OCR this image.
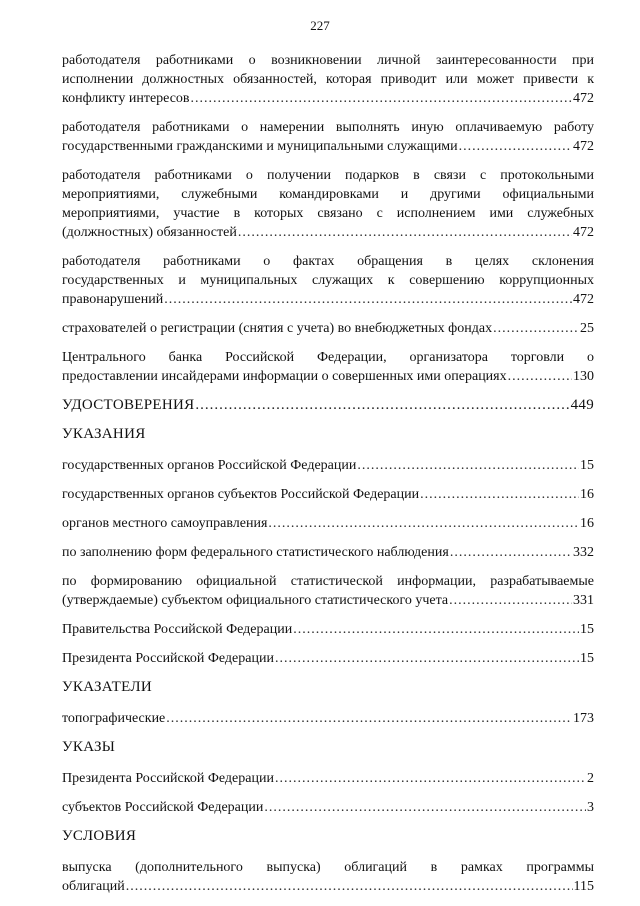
227
работодателя работниками о возникновении личной заинтересованности при
исполнении должностных обязанностей, которая приводит или может привести к
конфликту интересов .....	472
работодателя работниками о намерении выполнять иную оплачиваемую работу
государственными гражданскими и муниципальными служащими .....	472
работодателя работниками о получении подарков в связи с протокольными
мероприятиями, служебными командировками и другими официальными
мероприятиями, участие в которых связано с исполнением ими служебных
(должностных) обязанностей .....	472
работодателя работниками о фактах обращения в целях склонения
государственных и муниципальных служащих к совершению коррупционных
правонарушений .....	472
страхователей о регистрации (снятия с учета) во внебюджетных фондах .....	25
Центрального банка Российской Федерации, организатора торговли о
предоставлении инсайдерами информации о совершенных ими операциях .....	130
УДОСТОВЕРЕНИЯ .....	449
УКАЗАНИЯ
государственных органов Российской Федерации .....	15
государственных органов субъектов Российской Федерации .....	16
органов местного самоуправления .....	16
по заполнению форм федерального статистического наблюдения .....	332
по формированию официальной статистической информации, разрабатываемые
(утверждаемые) субъектом официального статистического учета .....	331
Правительства Российской Федерации .....	15
Президента Российской Федерации .....	15
УКАЗАТЕЛИ
топографические .....	173
УКАЗЫ
Президента Российской Федерации .....	2
субъектов Российской Федерации .....	3
УСЛОВИЯ
выпуска (дополнительного выпуска) облигаций в рамках программы
облигаций .....	115
